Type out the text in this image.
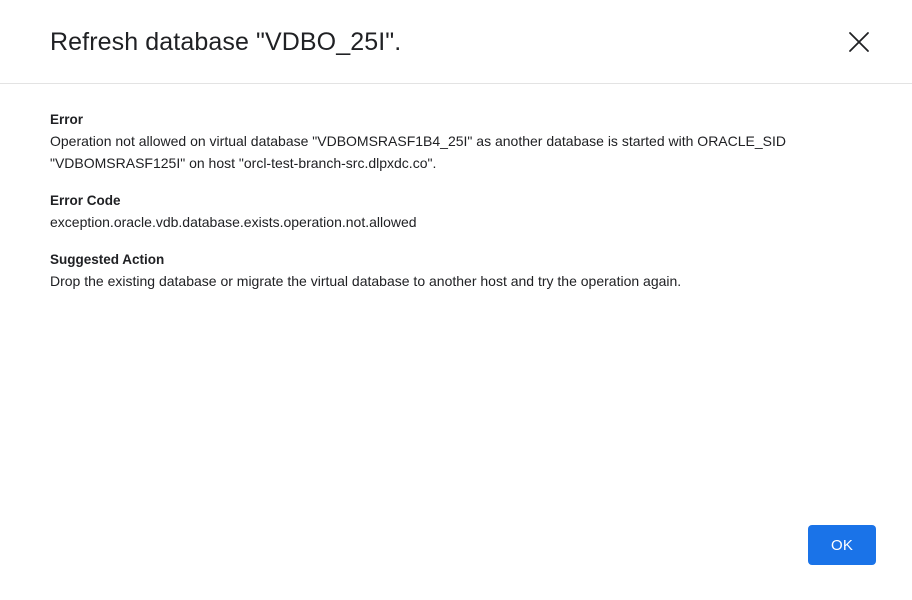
Refresh database "VDBO_25I".
Error
Operation not allowed on virtual database "VDBOMSRASF1B4_25I" as another database is started with ORACLE_SID "VDBOMSRASF125I" on host "orcl-test-branch-src.dlpxdc.co".
Error Code
exception.oracle.vdb.database.exists.operation.not.allowed
Suggested Action
Drop the existing database or migrate the virtual database to another host and try the operation again.
OK
